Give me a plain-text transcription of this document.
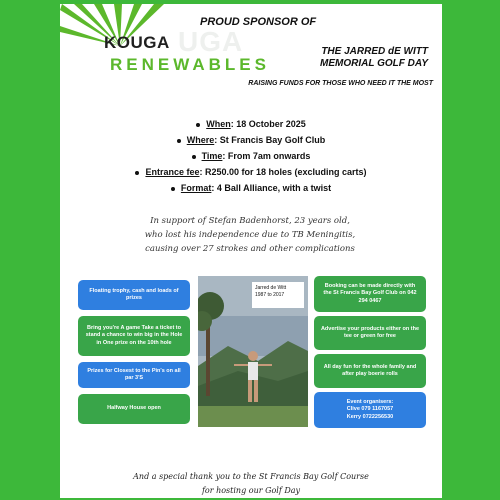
UGA
KOUGA
RENEWABLES
PROUD SPONSOR OF
THE JARRED dE WITT
MEMORIAL GOLF DAY
RAISING FUNDS FOR THOSE WHO NEED IT THE MOST
When: 18 October 2025
Where: St Francis Bay Golf Club
Time: From 7am onwards
Entrance fee: R250.00 for 18 holes (excluding carts)
Format: 4 Ball Alliance, with a twist
In support of Stefan Badenhorst, 23 years old,
who lost his independence due to TB Meningitis,
causing over 27 strokes and other complications
Floating trophy, cash and loads of prizes
Bring you're A game Take a ticket to stand a chance to win big in the Hole in One prize on the 10th hole
Prizes for Closest to the Pin's on all par 3'S
Halfway House open
Jarred de Witt
1987 to 2017
Booking can be made directly with the St Francis Bay Golf Club on 042 294 0467
Advertise your products either on the tee or green for free
All day fun for the whole family and after play boerie rolls
Event organisers:
Clive 079 1167057
Kerry 0722256530
And a special thank you to the St Francis Bay Golf Course
for hosting our Golf Day
